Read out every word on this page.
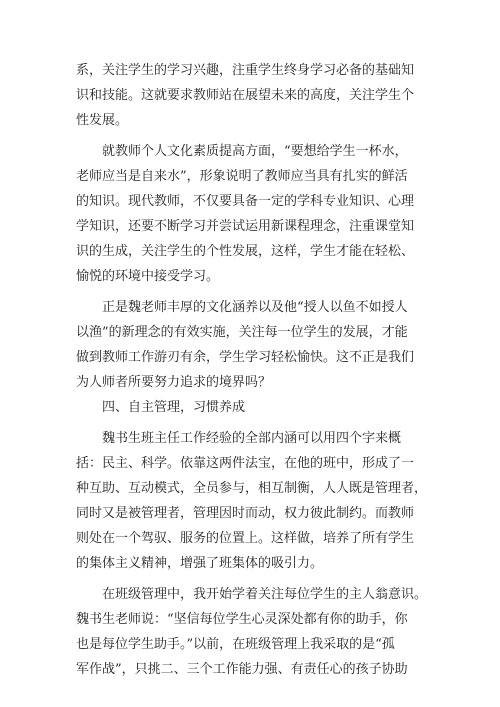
系，关注学生的学习兴趣，注重学生终身学习必备的基础知
识和技能。这就要求教师站在展望未来的高度，关注学生个
性发展。
就教师个人文化素质提高方面，“要想给学生一杯水，
老师应当是自来水”，形象说明了教师应当具有扎实的鲜活
的知识。现代教师，不仅要具备一定的学科专业知识、心理
学知识，还要不断学习并尝试运用新课程理念，注重课堂知
识的生成，关注学生的个性发展，这样，学生才能在轻松、
愉悦的环境中接受学习。
正是魏老师丰厚的文化涵养以及他“授人以鱼不如授人
以渔”的新理念的有效实施，关注每一位学生的发展，才能
做到教师工作游刃有余，学生学习轻松愉快。这不正是我们
为人师者所要努力追求的境界吗？
四、自主管理，习惯养成
魏书生班主任工作经验的全部内涵可以用四个字来概
括：民主、科学。依靠这两件法宝，在他的班中，形成了一
种互助、互动模式，全员参与，相互制衡，人人既是管理者，
同时又是被管理者，管理因时而动，权力彼此制约。而教师
则处在一个驾驭、服务的位置上。这样做，培养了所有学生
的集体主义精神，增强了班集体的吸引力。
在班级管理中，我开始学着关注每位学生的主人翁意识。
魏书生老师说：“坚信每位学生心灵深处都有你的助手，你
也是每位学生助手。”以前，在班级管理上我采取的是“孤
军作战”，只挑二、三个工作能力强、有责任心的孩子协助
